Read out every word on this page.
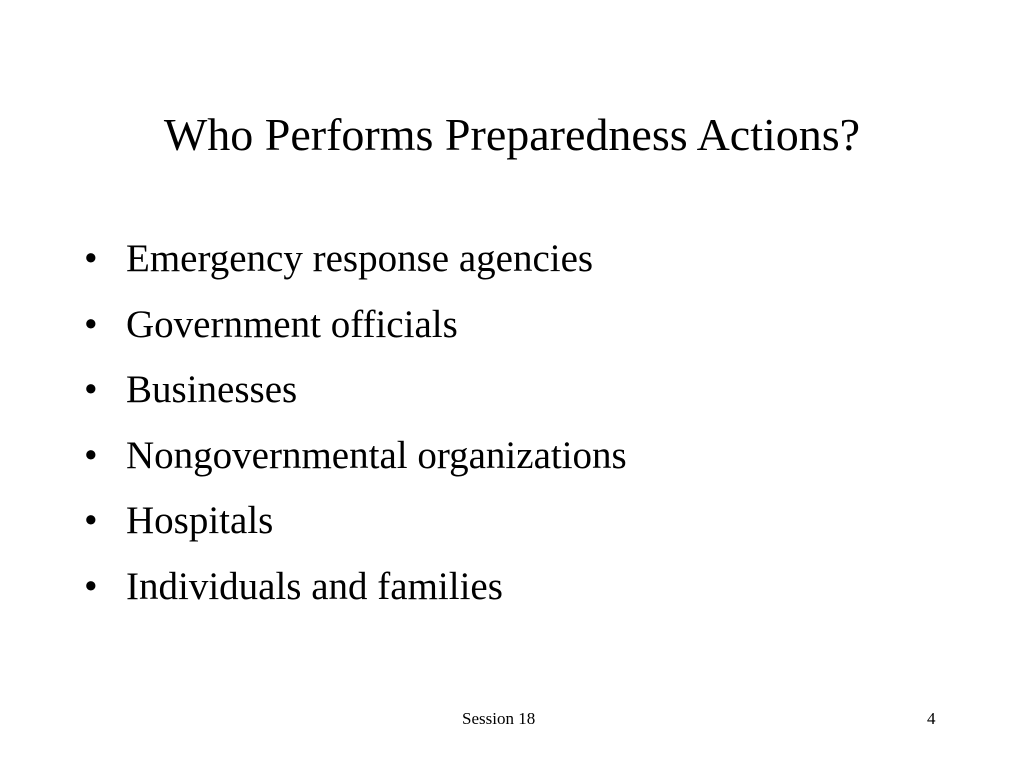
Who Performs Preparedness Actions?
• Emergency response agencies
• Government officials
• Businesses
• Nongovernmental organizations
• Hospitals
• Individuals and families
Session 18	4
